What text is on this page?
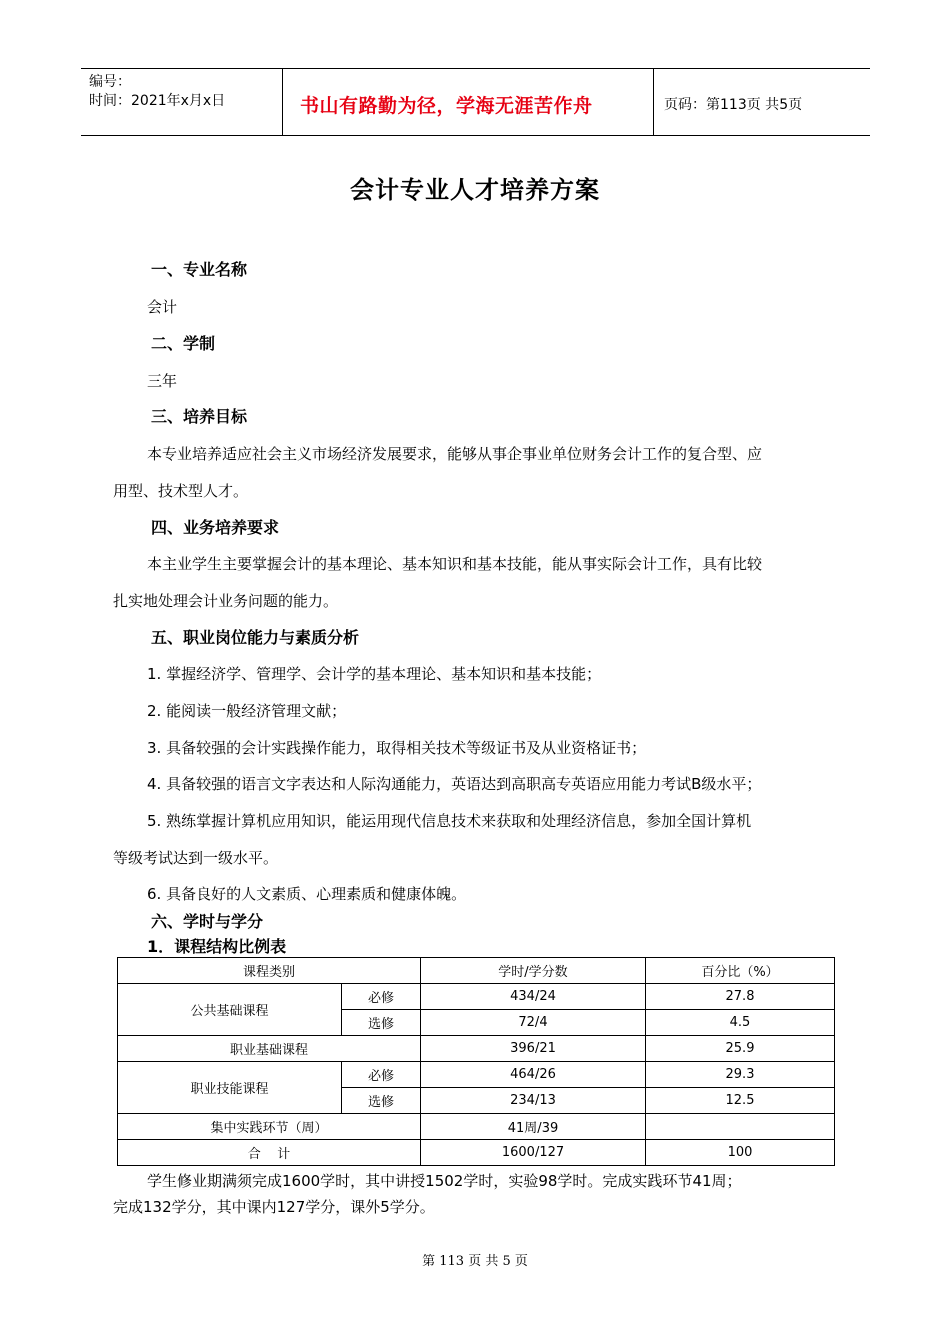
编号：
时间：2021年x月x日	书山有路勤为径，学海无涯苦作舟	页码：第113页 共5页
会计专业人才培养方案
一、专业名称
会计
二、学制
三年
三、培养目标
本专业培养适应社会主义市场经济发展要求，能够从事企事业单位财务会计工作的复合型、应
用型、技术型人才。
四、业务培养要求
本主业学生主要掌握会计的基本理论、基本知识和基本技能，能从事实际会计工作，具有比较
扎实地处理会计业务问题的能力。
五、职业岗位能力与素质分析
1. 掌握经济学、管理学、会计学的基本理论、基本知识和基本技能；
2. 能阅读一般经济管理文献；
3. 具备较强的会计实践操作能力，取得相关技术等级证书及从业资格证书；
4. 具备较强的语言文字表达和人际沟通能力，英语达到高职高专英语应用能力考试B级水平；
5. 熟练掌握计算机应用知识，能运用现代信息技术来获取和处理经济信息，参加全国计算机
等级考试达到一级水平。
6. 具备良好的人文素质、心理素质和健康体魄。
六、学时与学分
1．课程结构比例表
课程类别		学时/学分数	百分比（%）
公共基础课程	必修	434/24	27.8
	选修	72/4	4.5
职业基础课程		396/21	25.9
职业技能课程	必修	464/26	29.3
	选修	234/13	12.5
集中实践环节（周）		41周/39	
合    计		1600/127	100
学生修业期满须完成1600学时，其中讲授1502学时，实验98学时。完成实践环节41周；
完成132学分，其中课内127学分，课外5学分。
第 113 页 共 5 页
